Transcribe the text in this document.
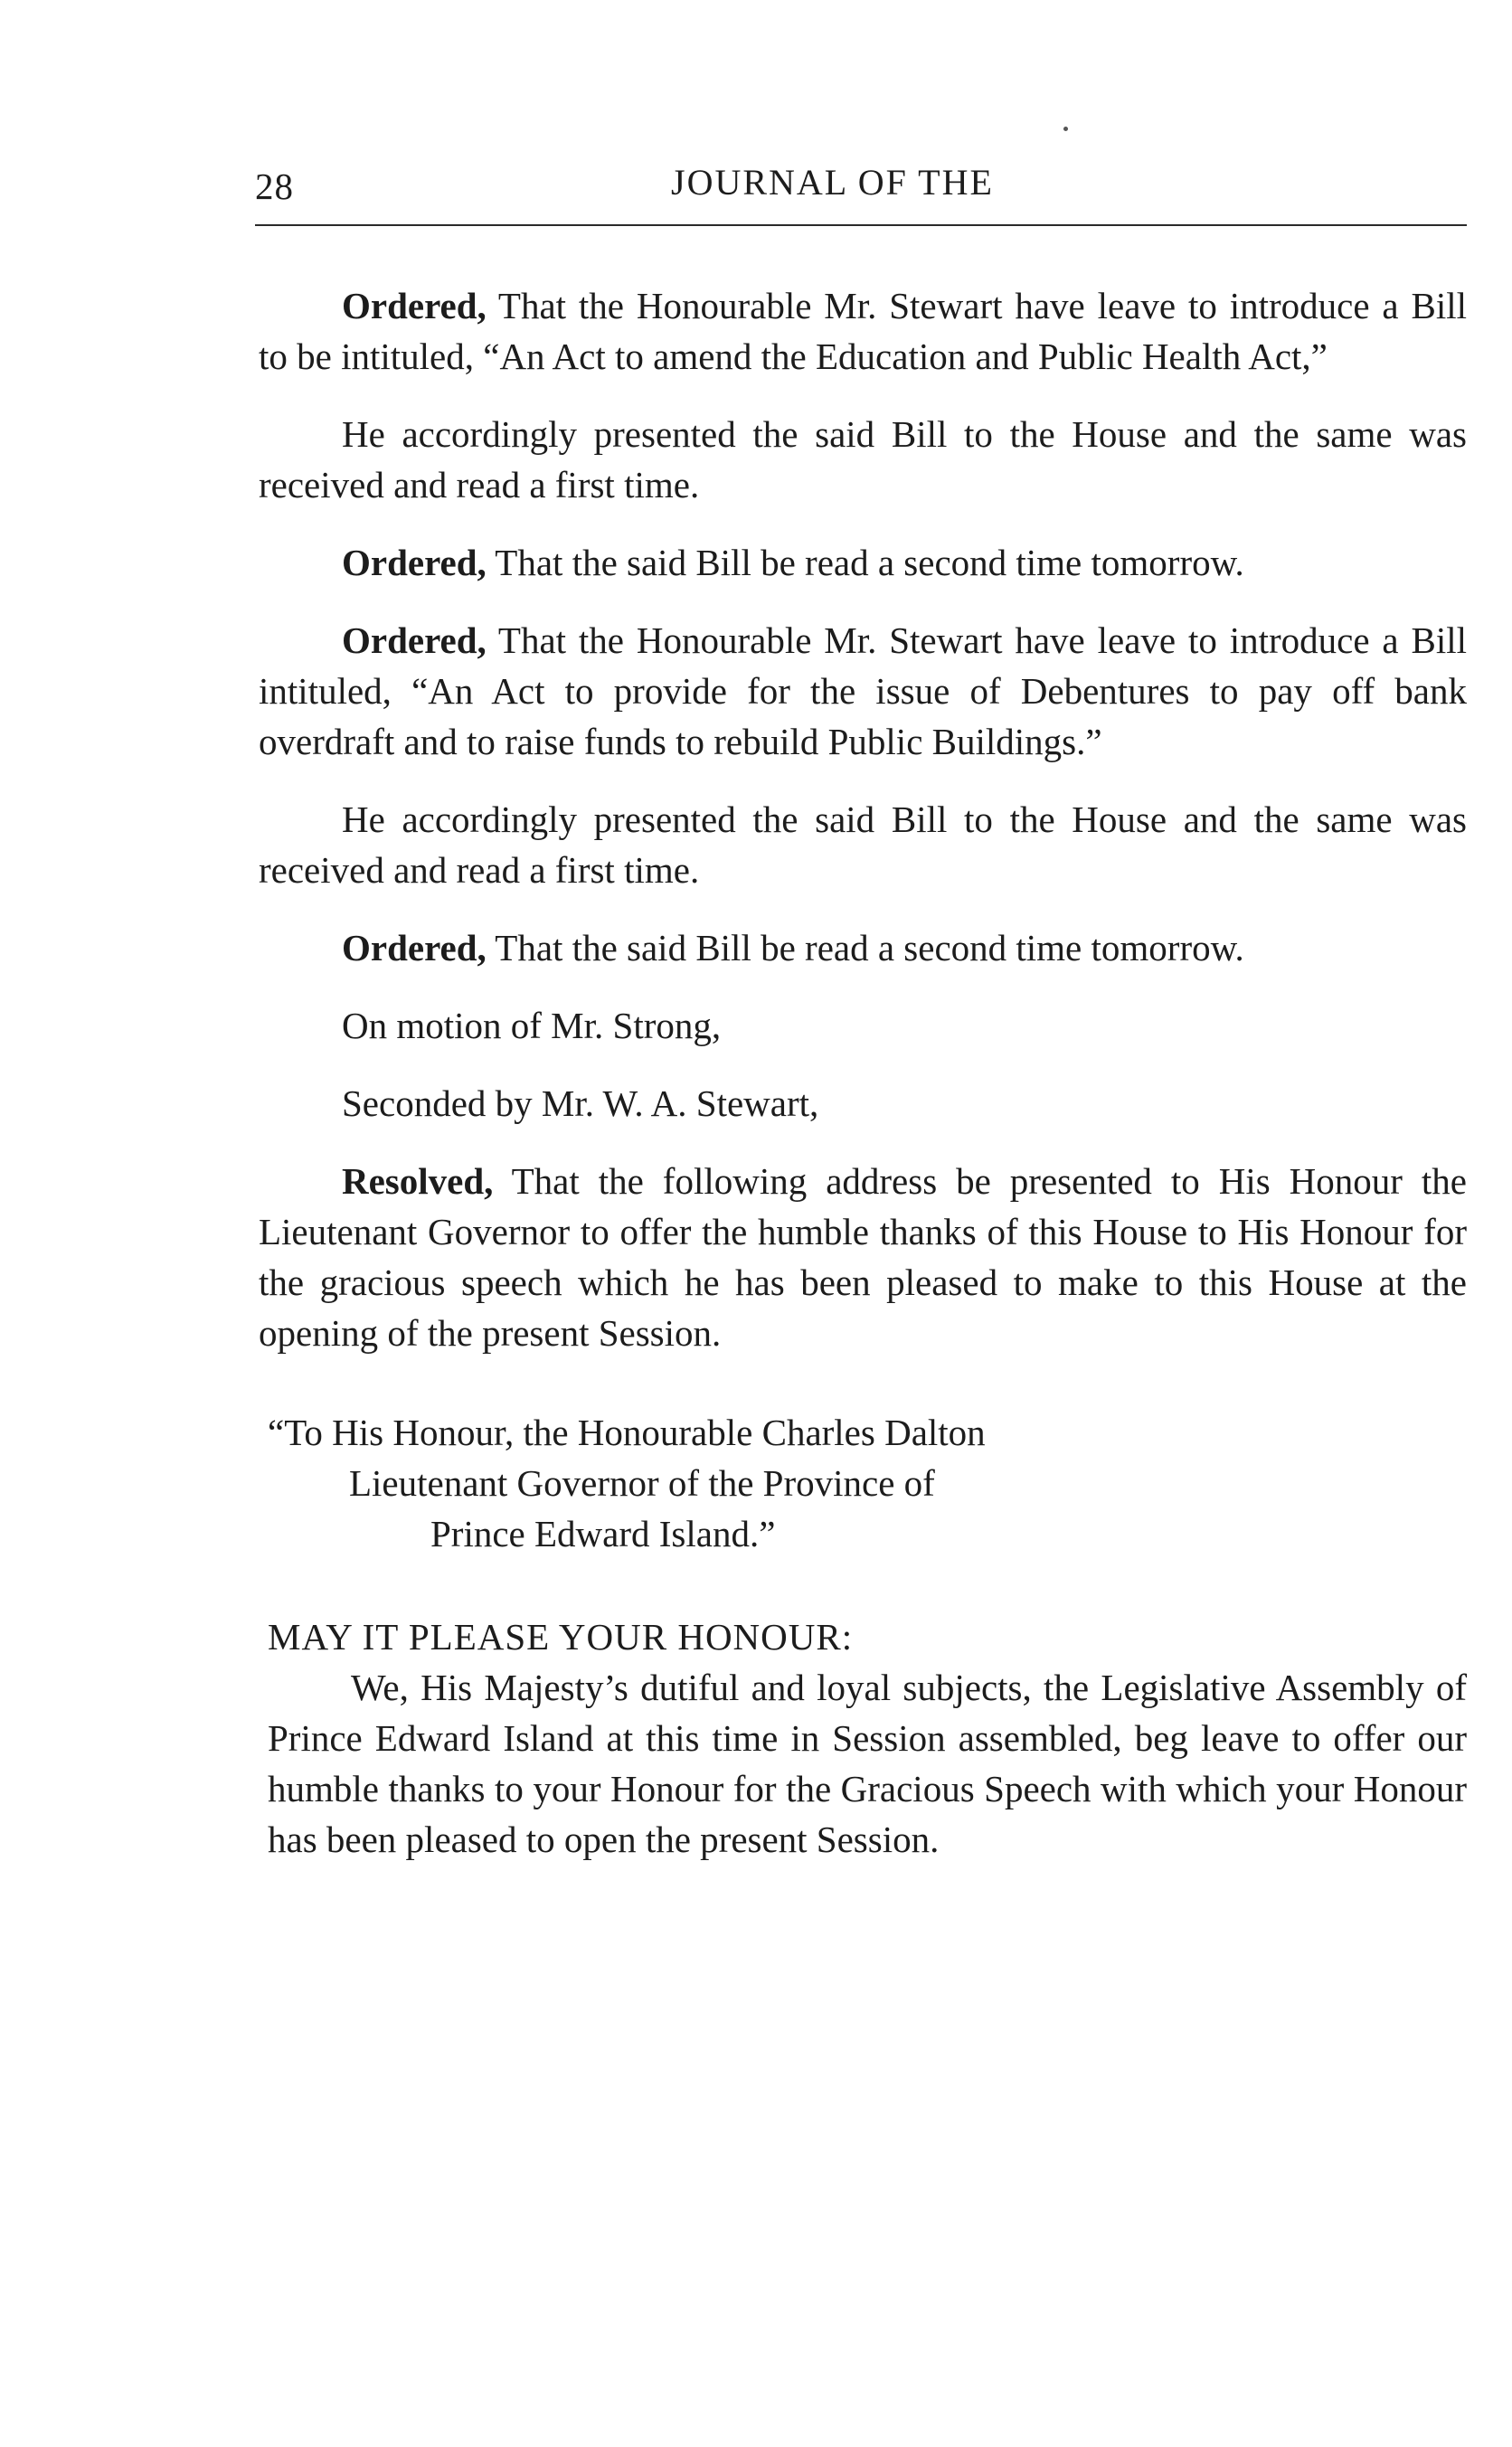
28	JOURNAL OF THE

Ordered, That the Honourable Mr. Stewart have leave to introduce a Bill to be intituled, “An Act to amend the Education and Public Health Act,”

He accordingly presented the said Bill to the House and the same was received and read a first time.

Ordered, That the said Bill be read a second time tomorrow.

Ordered, That the Honourable Mr. Stewart have leave to introduce a Bill intituled, “An Act to provide for the issue of Debentures to pay off bank overdraft and to raise funds to rebuild Public Buildings.”

He accordingly presented the said Bill to the House and the same was received and read a first time.

Ordered, That the said Bill be read a second time tomorrow.

On motion of Mr. Strong,

Seconded by Mr. W. A. Stewart,

Resolved, That the following address be presented to His Honour the Lieutenant Governor to offer the humble thanks of this House to His Honour for the gracious speech which he has been pleased to make to this House at the opening of the present Session.

“To His Honour, the Honourable Charles Dalton

Lieutenant Governor of the Province of

Prince Edward Island.”

MAY IT PLEASE YOUR HONOUR:

We, His Majesty’s dutiful and loyal subjects, the Legislative Assembly of Prince Edward Island at this time in Session assembled, beg leave to offer our humble thanks to your Honour for the Gracious Speech with which your Honour has been pleased to open the present Session.
